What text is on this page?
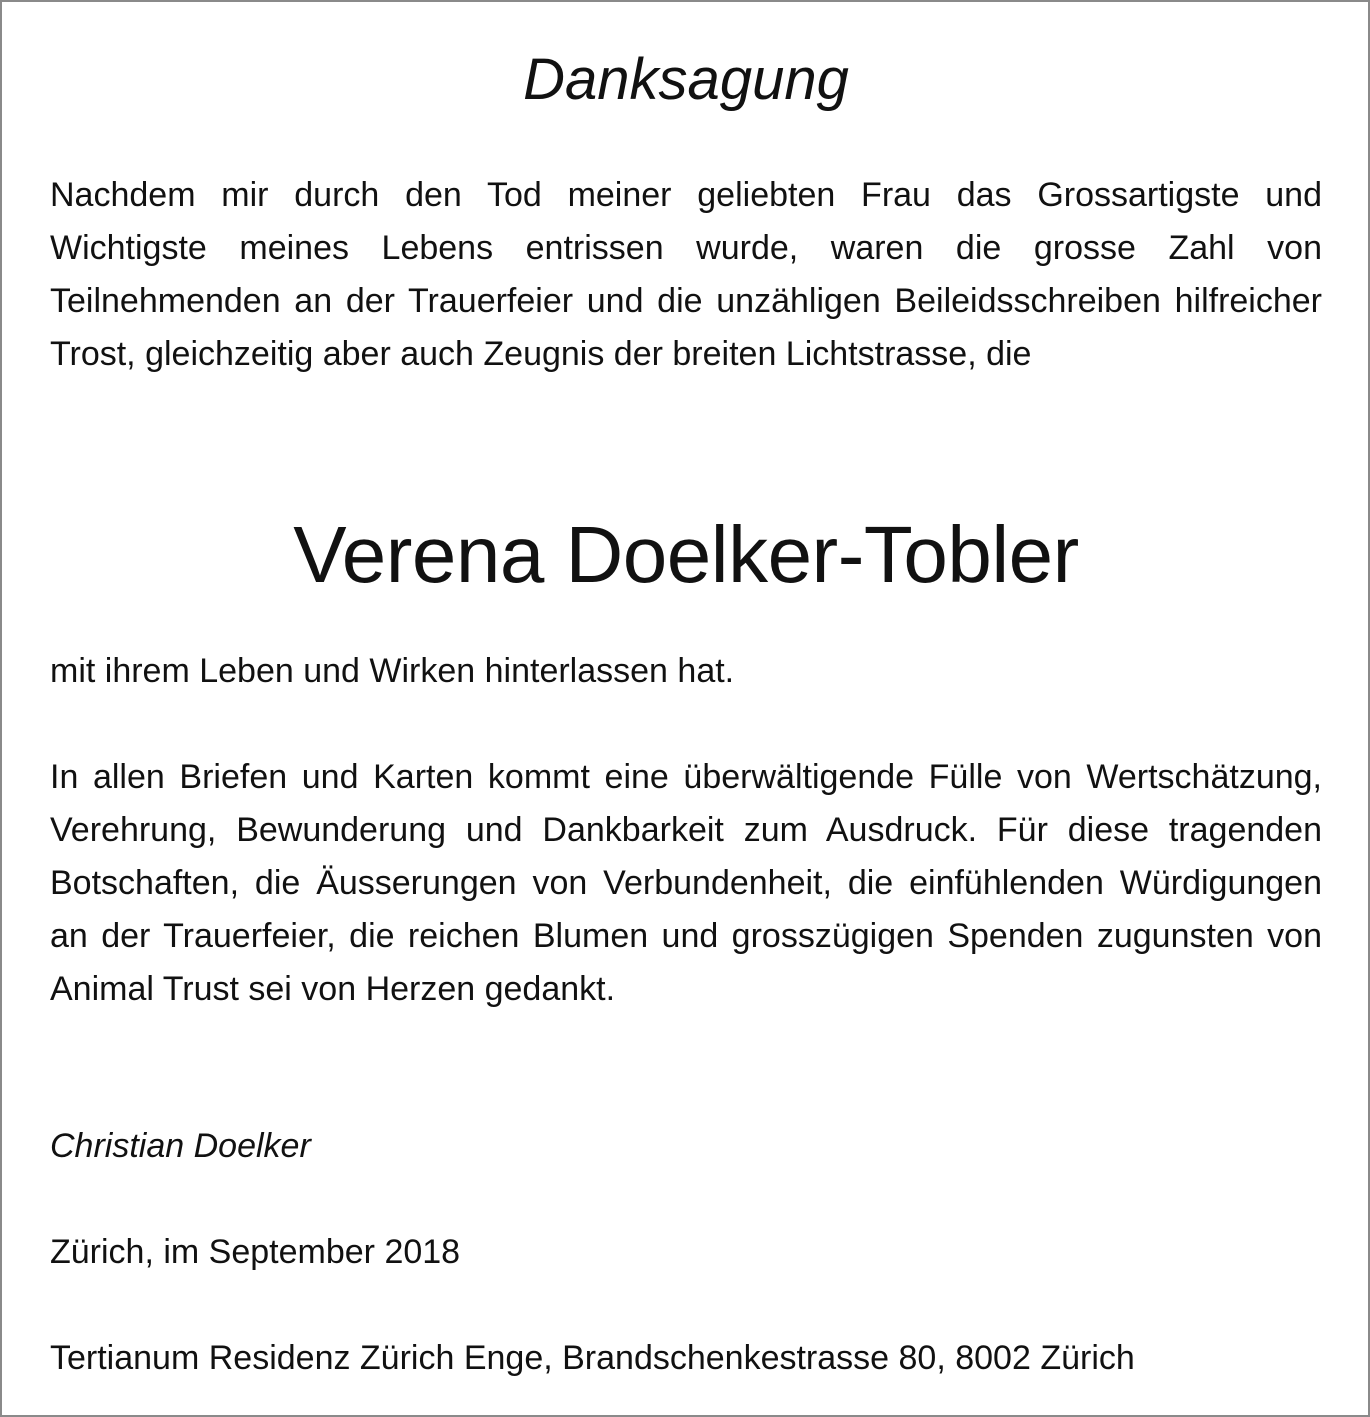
Danksagung

Nachdem mir durch den Tod meiner geliebten Frau das Grossartigste und Wichtigste meines Lebens entrissen wurde, waren die grosse Zahl von Teilnehmenden an der Trauerfeier und die unzähligen Beileidsschreiben hilfreicher Trost, gleichzeitig aber auch Zeugnis der breiten Lichtstrasse, die

Verena Doelker-Tobler

mit ihrem Leben und Wirken hinterlassen hat.

In allen Briefen und Karten kommt eine überwältigende Fülle von Wertschätzung, Verehrung, Bewunderung und Dankbarkeit zum Ausdruck. Für diese tragenden Botschaften, die Äusserungen von Verbundenheit, die einfühlenden Würdigungen an der Trauerfeier, die reichen Blumen und grosszügigen Spenden zugunsten von Animal Trust sei von Herzen gedankt.

Christian Doelker

Zürich, im September 2018

Tertianum Residenz Zürich Enge, Brandschenkestrasse 80, 8002 Zürich
